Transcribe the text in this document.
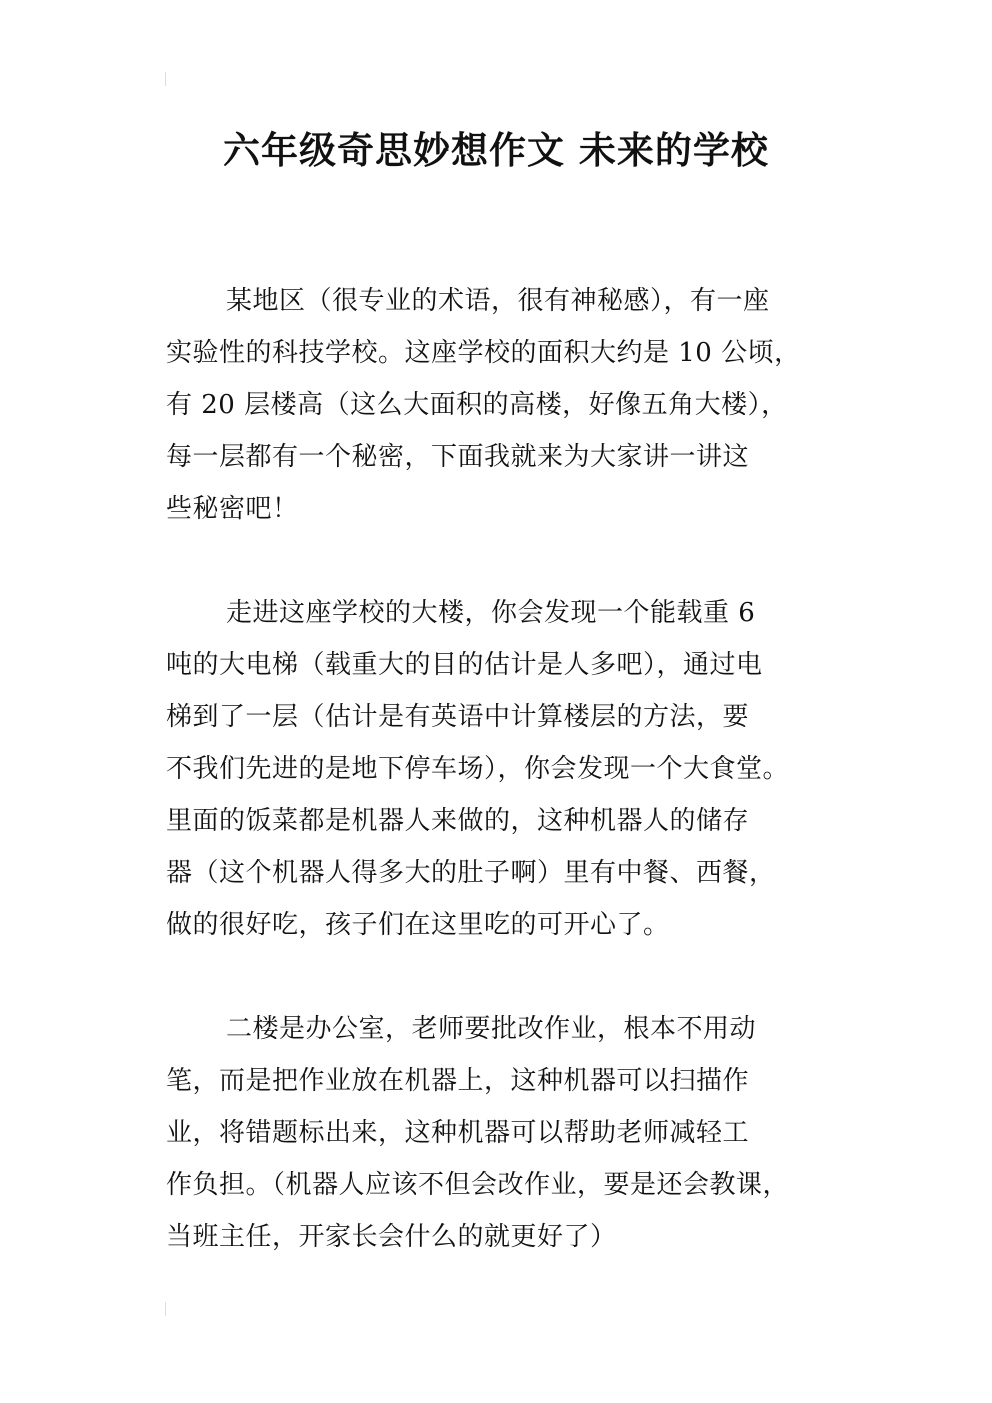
六年级奇思妙想作文 未来的学校
某地区（很专业的术语，很有神秘感），有一座
实验性的科技学校。这座学校的面积大约是 10 公顷，
有 20 层楼高（这么大面积的高楼，好像五角大楼），
每一层都有一个秘密，下面我就来为大家讲一讲这
些秘密吧！
走进这座学校的大楼，你会发现一个能载重 6
吨的大电梯（载重大的目的估计是人多吧），通过电
梯到了一层（估计是有英语中计算楼层的方法，要
不我们先进的是地下停车场），你会发现一个大食堂。
里面的饭菜都是机器人来做的，这种机器人的储存
器（这个机器人得多大的肚子啊）里有中餐、西餐，
做的很好吃，孩子们在这里吃的可开心了。
二楼是办公室，老师要批改作业，根本不用动
笔，而是把作业放在机器上，这种机器可以扫描作
业，将错题标出来，这种机器可以帮助老师减轻工
作负担。（机器人应该不但会改作业，要是还会教课，
当班主任，开家长会什么的就更好了）
